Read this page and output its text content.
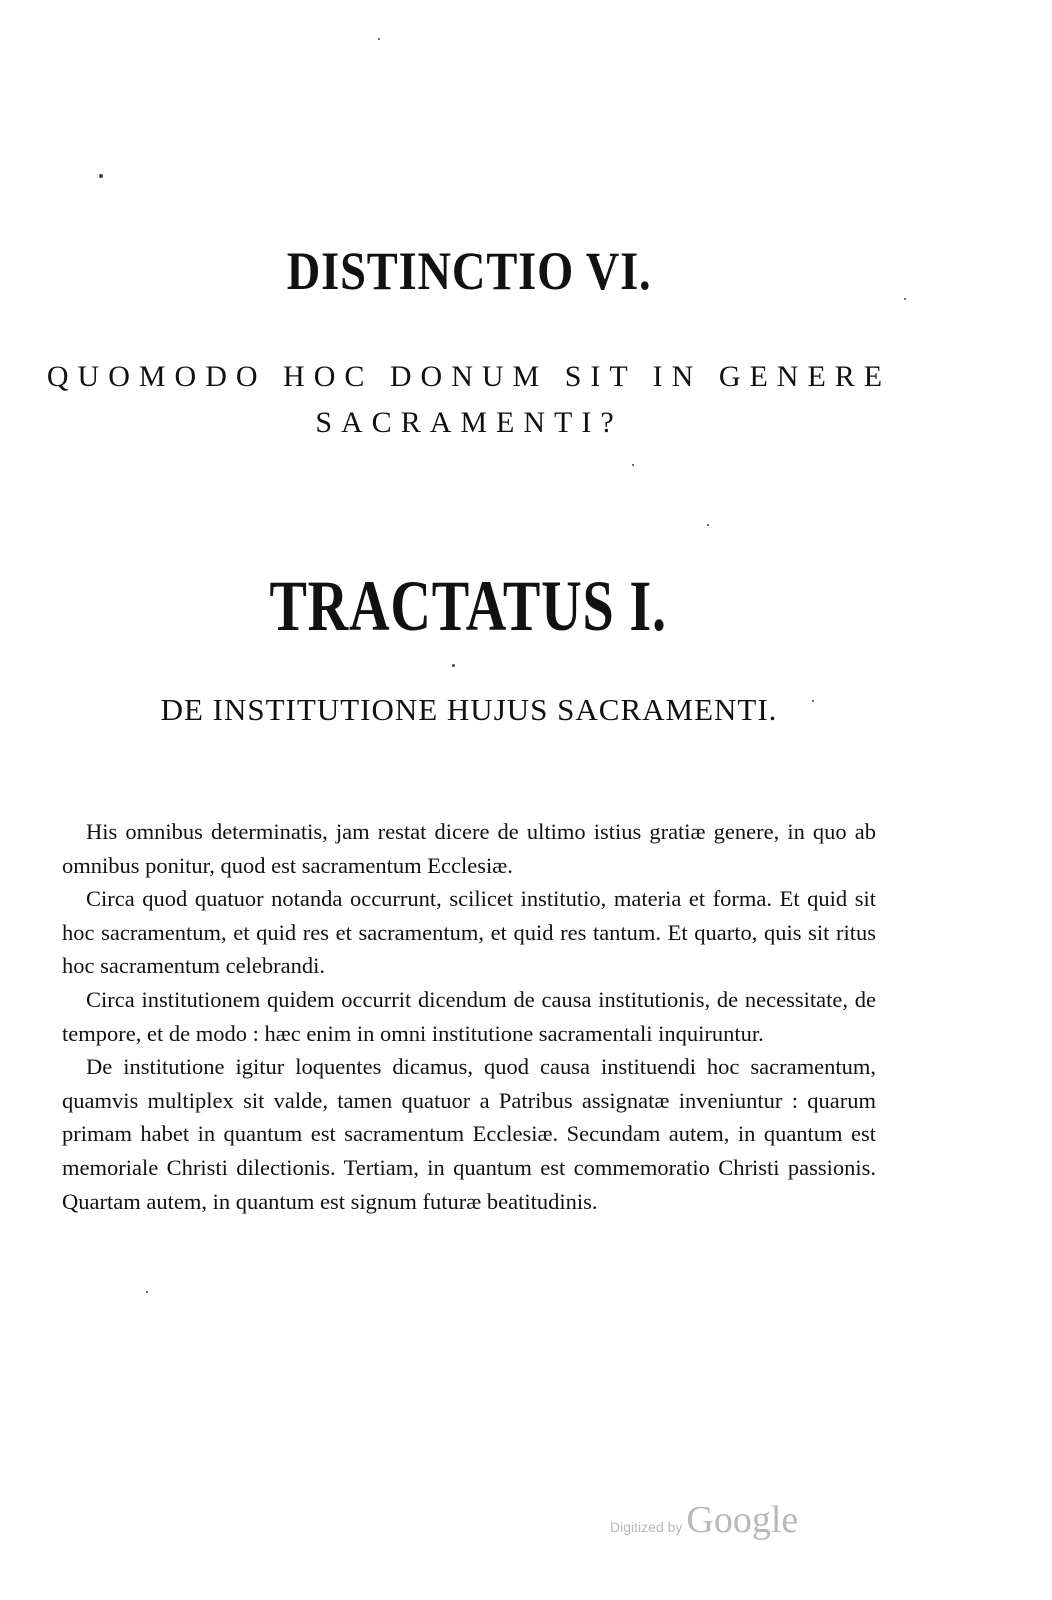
DISTINCTIO VI.
QUOMODO HOC DONUM SIT IN GENERE
SACRAMENTI?
TRACTATUS I.
DE INSTITUTIONE HUJUS SACRAMENTI.

His omnibus determinatis, jam restat dicere de ultimo istius gratiæ genere, in quo ab omnibus ponitur, quod est sacramentum Ecclesiæ.

Circa quod quatuor notanda occurrunt, scilicet institutio, materia et forma. Et quid sit hoc sacramentum, et quid res et sacramentum, et quid res tantum. Et quarto, quis sit ritus hoc sacramentum celebrandi.

Circa institutionem quidem occurrit dicendum de causa institutionis, de necessitate, de tempore, et de modo : hæc enim in omni institutione sacramentali inquiruntur.

De institutione igitur loquentes dicamus, quod causa instituendi hoc sacramentum, quamvis multiplex sit valde, tamen quatuor a Patribus assignatæ inveniuntur : quarum primam habet in quantum est sacramentum Ecclesiæ. Secundam autem, in quantum est memoriale Christi dilectionis. Tertiam, in quantum est commemoratio Christi passionis. Quartam autem, in quantum est signum futuræ beatitudinis.

Digitized by Google
